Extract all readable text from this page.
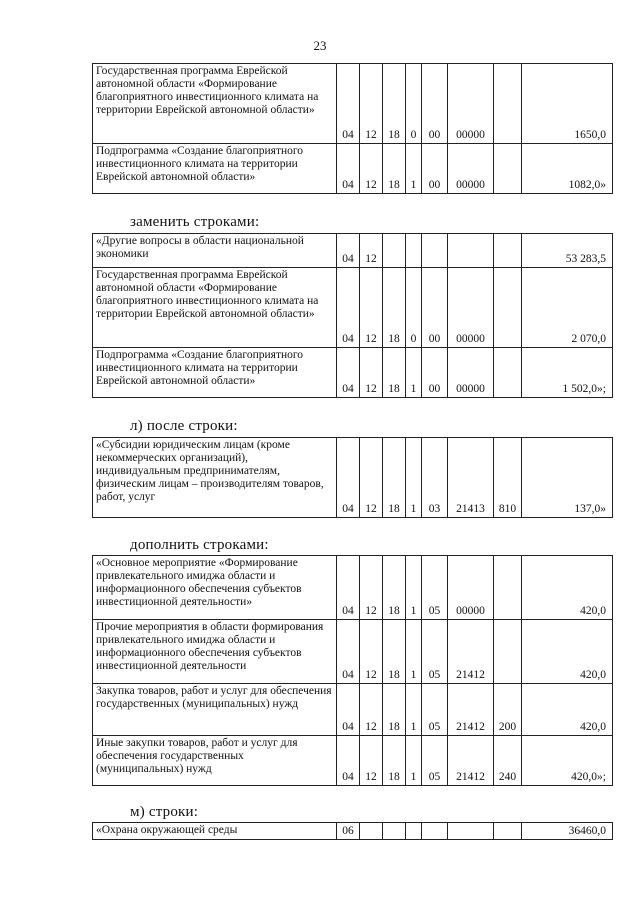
23
Государственная программа Еврейской автономной области «Формирование благоприятного инвестиционного климата на территории Еврейской автономной области»	04	12	18	0	00	00000		1650,0
Подпрограмма «Создание благоприятного инвестиционного климата на территории Еврейской автономной области»	04	12	18	1	00	00000		1082,0»
заменить строками:
«Другие вопросы в области национальной экономики	04	12						53 283,5
Государственная программа Еврейской автономной области «Формирование благоприятного инвестиционного климата на территории Еврейской автономной области»	04	12	18	0	00	00000		2 070,0
Подпрограмма «Создание благоприятного инвестиционного климата на территории Еврейской автономной области»	04	12	18	1	00	00000		1 502,0»;
л) после строки:
«Субсидии юридическим лицам (кроме некоммерческих организаций), индивидуальным предпринимателям, физическим лицам – производителям товаров, работ, услуг	04	12	18	1	03	21413	810	137,0»
дополнить строками:
«Основное мероприятие «Формирование привлекательного имиджа области и информационного обеспечения субъектов инвестиционной деятельности»	04	12	18	1	05	00000		420,0
Прочие мероприятия в области формирования привлекательного имиджа области и информационного обеспечения субъектов инвестиционной деятельности	04	12	18	1	05	21412		420,0
Закупка товаров, работ и услуг для обеспечения государственных (муниципальных) нужд	04	12	18	1	05	21412	200	420,0
Иные закупки товаров, работ и услуг для обеспечения государственных (муниципальных) нужд	04	12	18	1	05	21412	240	420,0»;
м) строки:
«Охрана окружающей среды	06							36460,0
